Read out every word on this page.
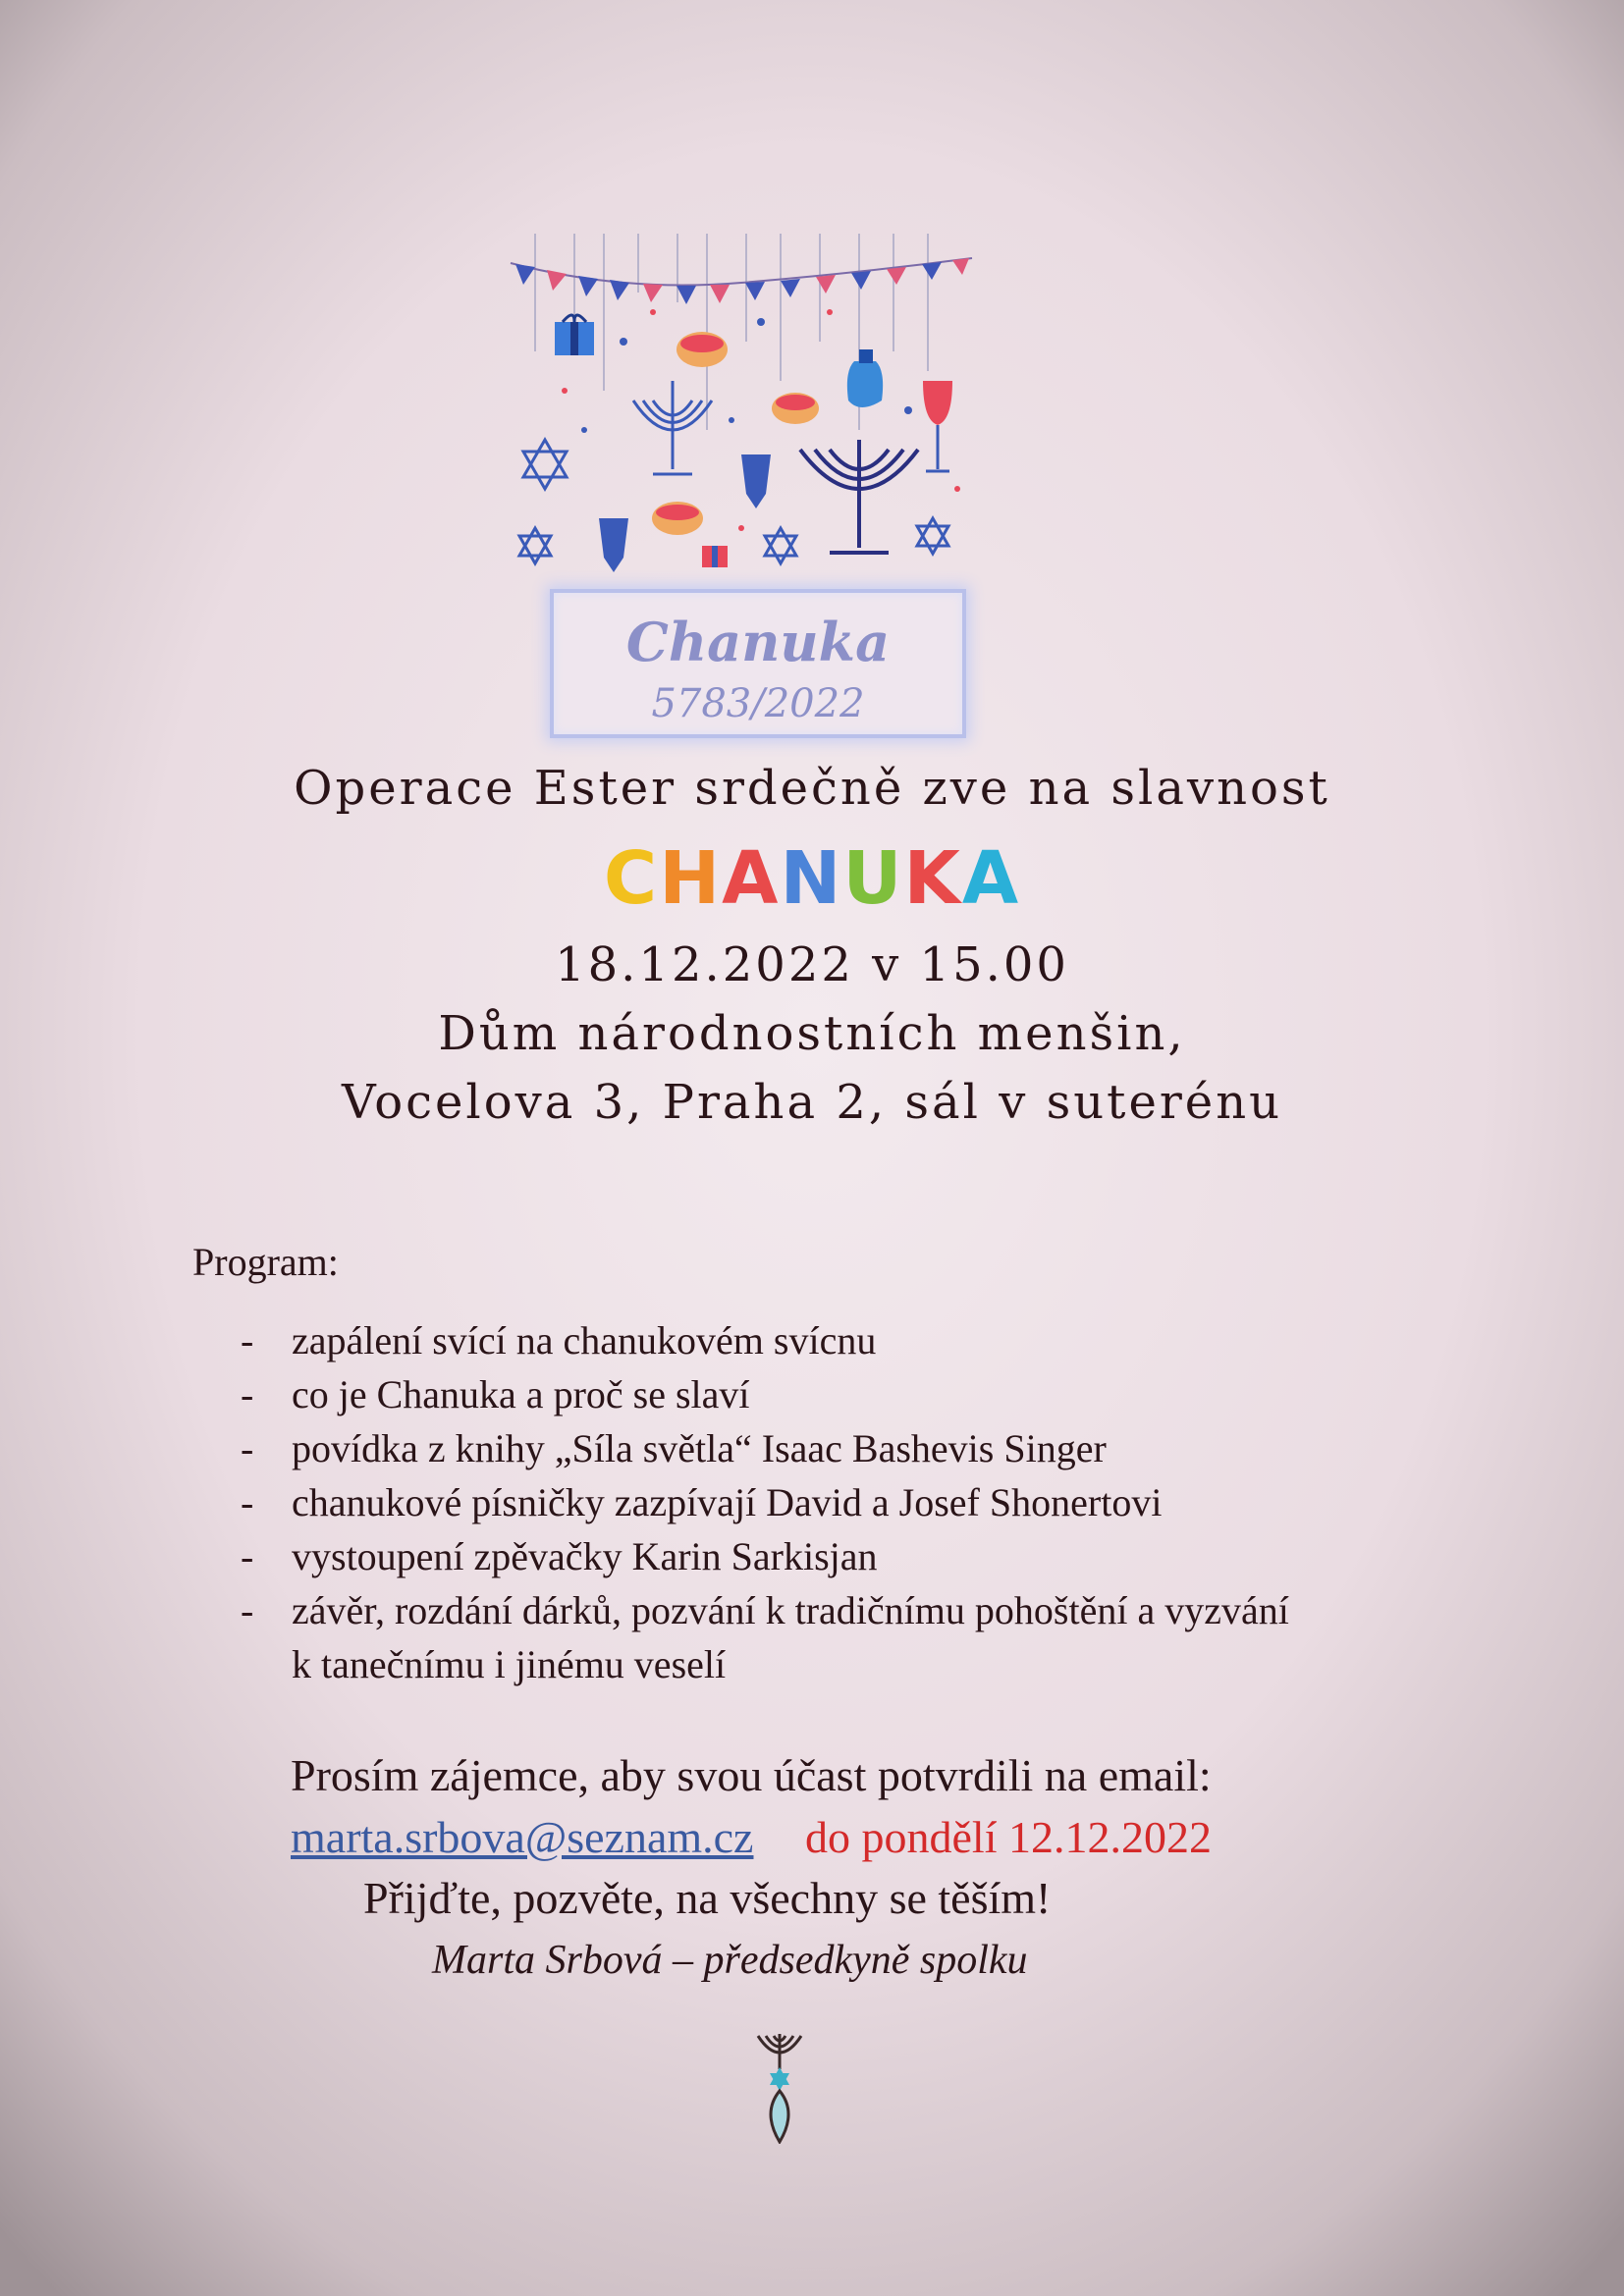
Chanuka
5783/2022
Operace Ester srdečně zve na slavnost
CHANUKA
18.12.2022 v 15.00
Dům národnostních menšin,
Vocelova 3, Praha 2, sál v suterénu
Program:
- zapálení svící na chanukovém svícnu
- co je Chanuka a proč se slaví
- povídka z knihy „Síla světla“ Isaac Bashevis Singer
- chanukové písničky zazpívají David a Josef Shonertovi
- vystoupení zpěvačky Karin Sarkisjan
- závěr, rozdání dárků, pozvání k tradičnímu pohoštění a vyzvání
k tanečnímu i jinému veselí
Prosím zájemce, aby svou účast potvrdili na email:
marta.srbova@seznam.cz do pondělí 12.12.2022
Přijďte, pozvěte, na všechny se těším!
Marta Srbová – předsedkyně spolku
